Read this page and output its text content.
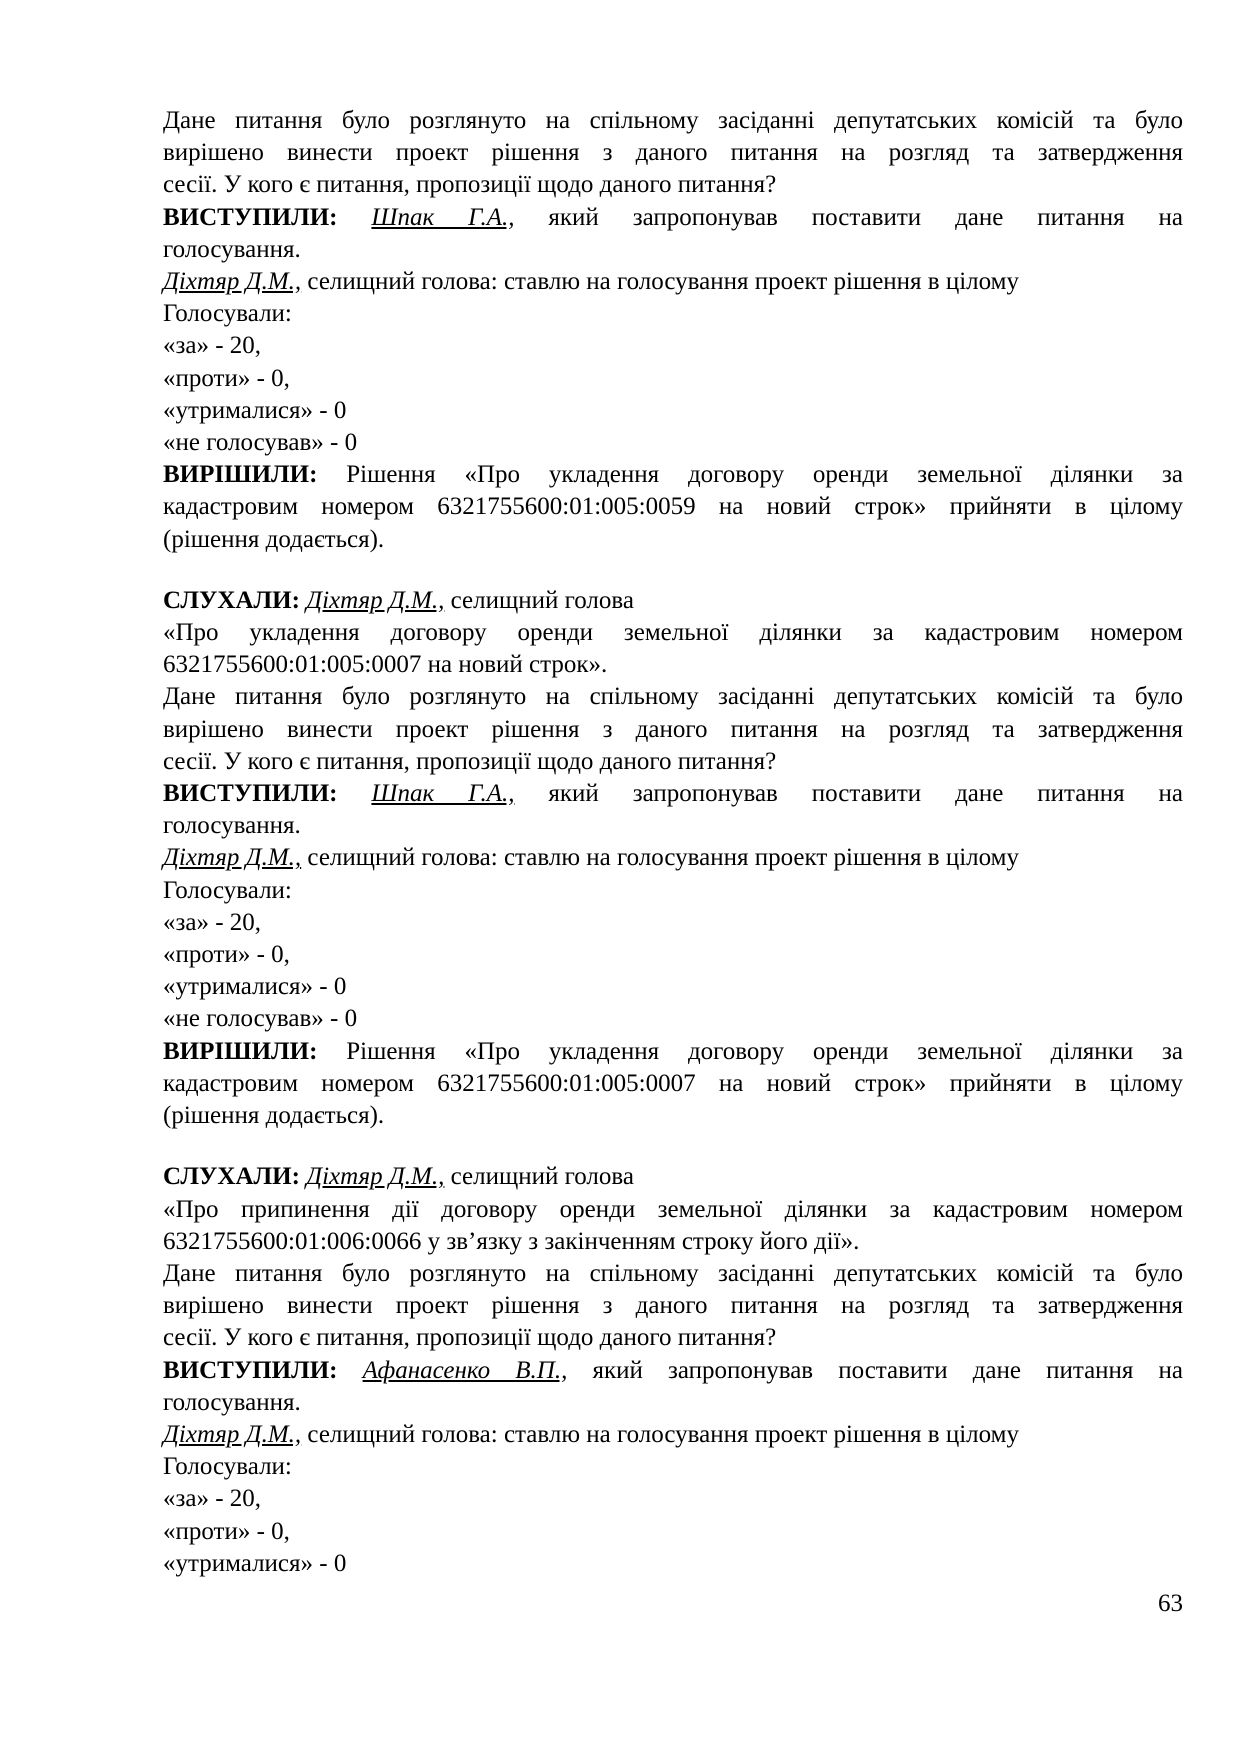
Дане питання було розглянуто на спільному засіданні депутатських комісій та було
вирішено винести проект рішення з даного питання на розгляд та затвердження
сесії. У кого є питання, пропозиції щодо даного питання?
ВИСТУПИЛИ: Шпак Г.А., який запропонував поставити дане питання на
голосування.
Діхтяр Д.М., селищний голова: ставлю на голосування проект рішення в цілому
Голосували:
«за» - 20,
«проти» - 0,
«утрималися» - 0
«не голосував» - 0
ВИРІШИЛИ: Рішення «Про укладення договору оренди земельної ділянки за
кадастровим номером 6321755600:01:005:0059 на новий строк» прийняти в цілому
(рішення додається).
СЛУХАЛИ: Діхтяр Д.М., селищний голова
«Про укладення договору оренди земельної ділянки за кадастровим номером
6321755600:01:005:0007 на новий строк».
Дане питання було розглянуто на спільному засіданні депутатських комісій та було
вирішено винести проект рішення з даного питання на розгляд та затвердження
сесії. У кого є питання, пропозиції щодо даного питання?
ВИСТУПИЛИ: Шпак Г.А., який запропонував поставити дане питання на
голосування.
Діхтяр Д.М., селищний голова: ставлю на голосування проект рішення в цілому
Голосували:
«за» - 20,
«проти» - 0,
«утрималися» - 0
«не голосував» - 0
ВИРІШИЛИ: Рішення «Про укладення договору оренди земельної ділянки за
кадастровим номером 6321755600:01:005:0007 на новий строк» прийняти в цілому
(рішення додається).
СЛУХАЛИ: Діхтяр Д.М., селищний голова
«Про припинення дії договору оренди земельної ділянки за кадастровим номером
6321755600:01:006:0066 у зв’язку з закінченням строку його дії».
Дане питання було розглянуто на спільному засіданні депутатських комісій та було
вирішено винести проект рішення з даного питання на розгляд та затвердження
сесії. У кого є питання, пропозиції щодо даного питання?
ВИСТУПИЛИ: Афанасенко В.П., який запропонував поставити дане питання на
голосування.
Діхтяр Д.М., селищний голова: ставлю на голосування проект рішення в цілому
Голосували:
«за» - 20,
«проти» - 0,
«утрималися» - 0
63
